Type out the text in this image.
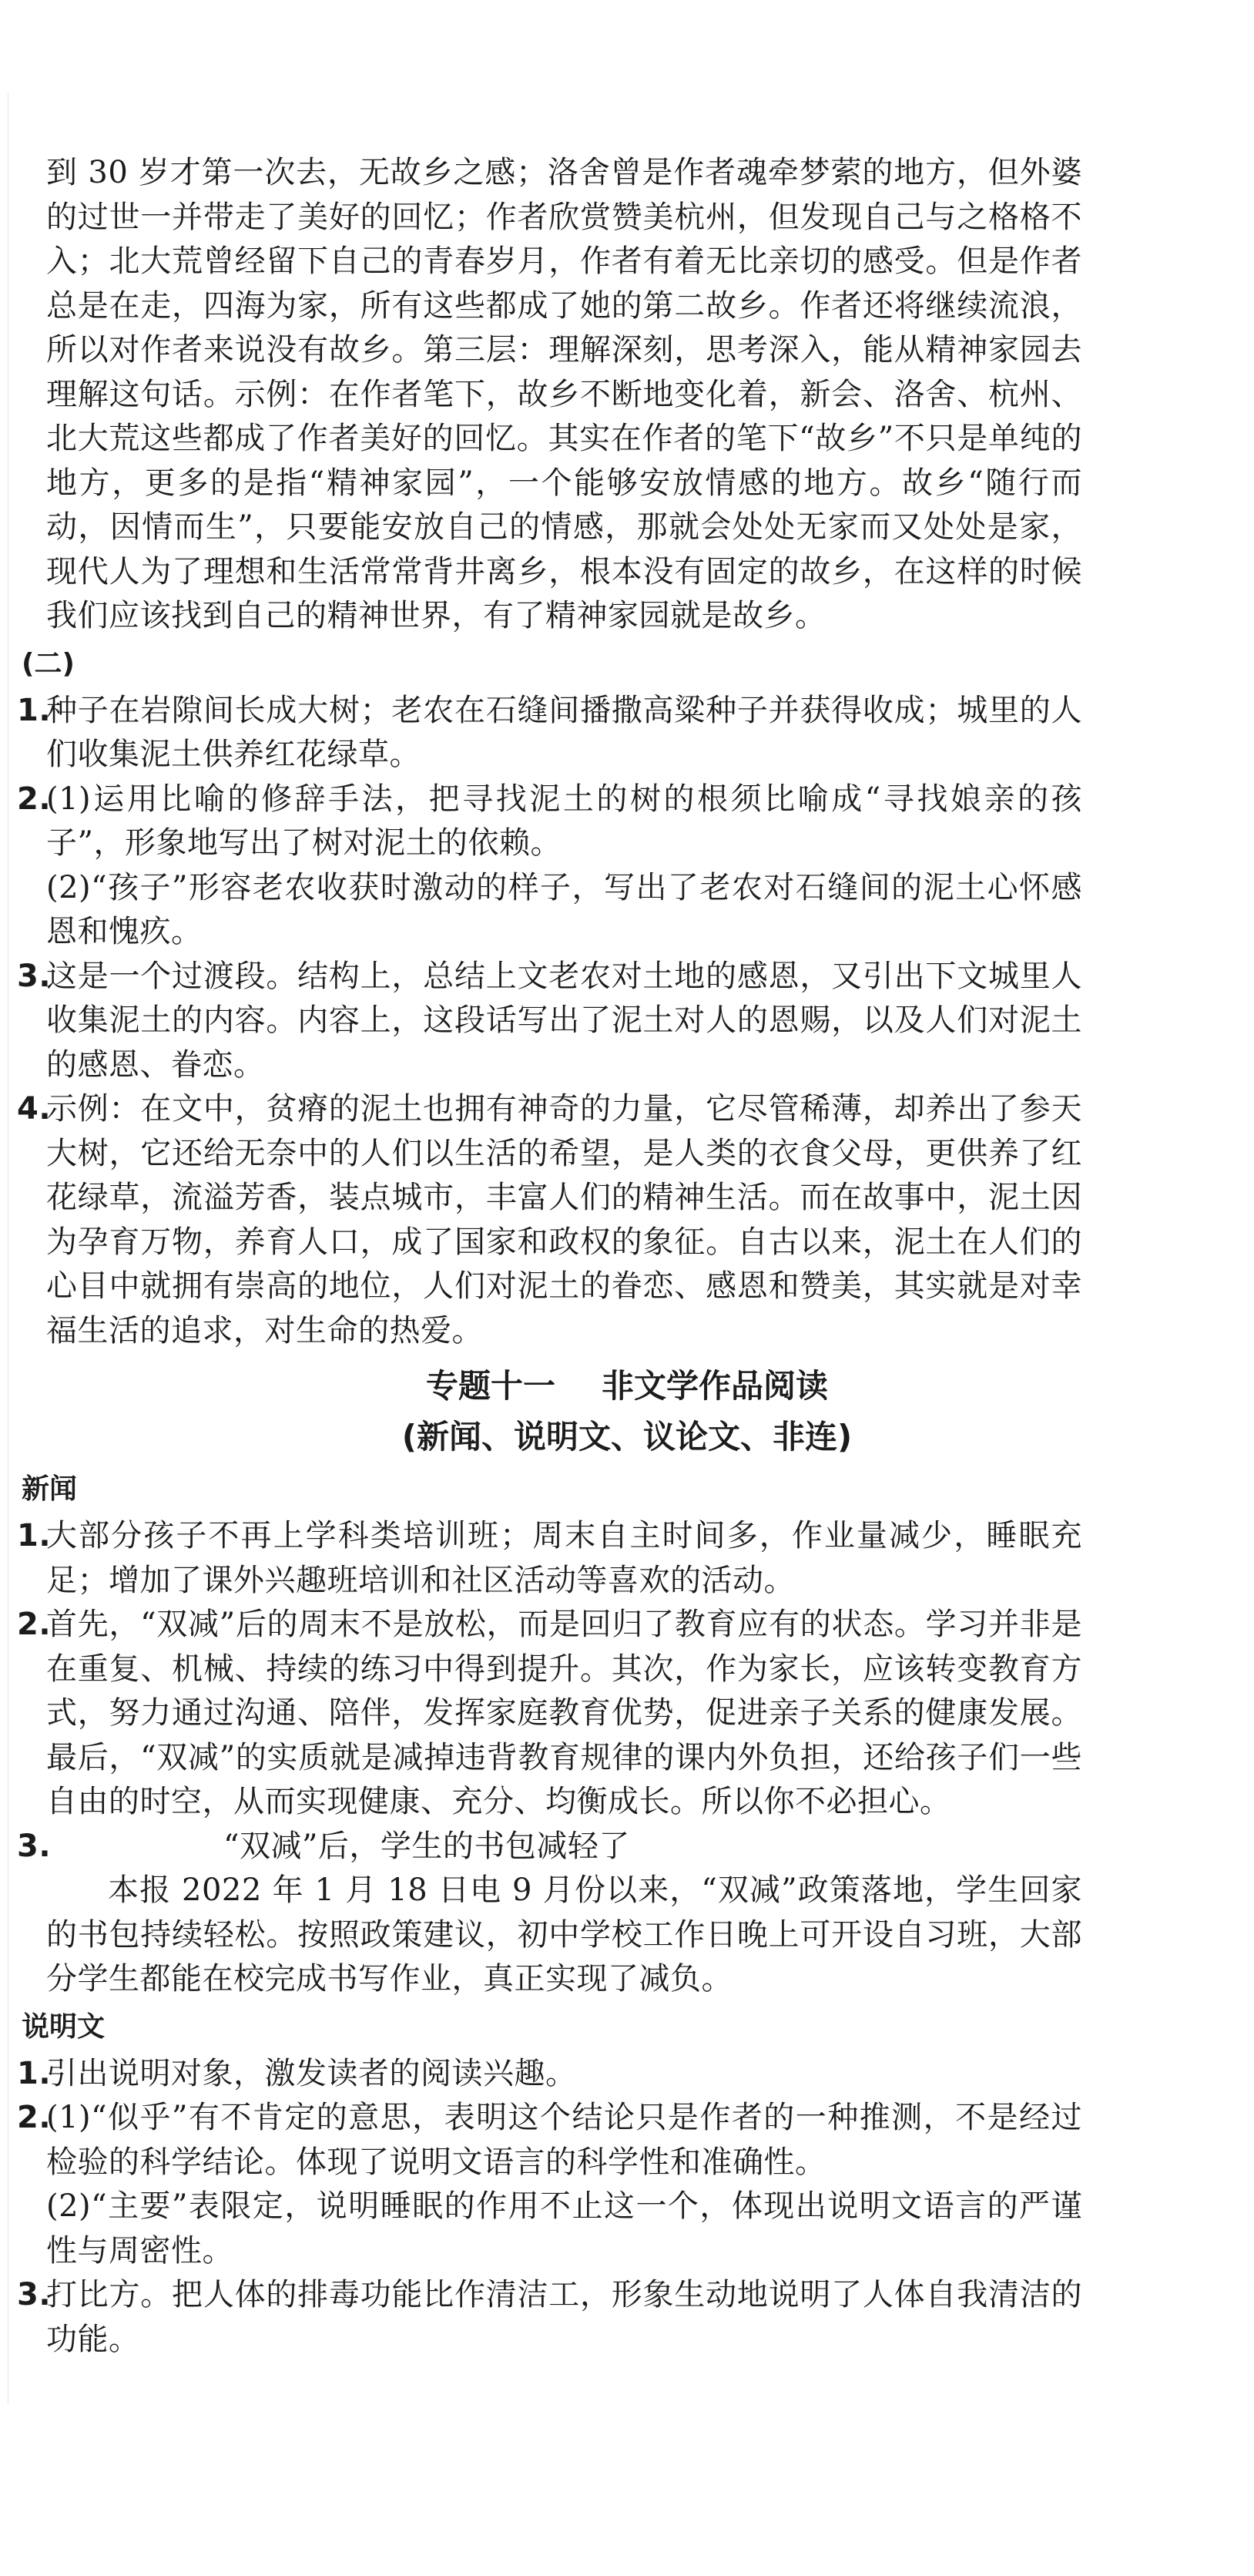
到 30 岁才第一次去，无故乡之感；洛舍曾是作者魂牵梦萦的地方，但外婆的过世一并带走了美好的回忆；作者欣赏赞美杭州，但发现自己与之格格不入；北大荒曾经留下自己的青春岁月，作者有着无比亲切的感受。但是作者总是在走，四海为家，所有这些都成了她的第二故乡。作者还将继续流浪，所以对作者来说没有故乡。第三层：理解深刻，思考深入，能从精神家园去理解这句话。示例：在作者笔下，故乡不断地变化着，新会、洛舍、杭州、北大荒这些都成了作者美好的回忆。其实在作者的笔下“故乡”不只是单纯的地方，更多的是指“精神家园”，一个能够安放情感的地方。故乡“随行而动，因情而生”，只要能安放自己的情感，那就会处处无家而又处处是家，现代人为了理想和生活常常背井离乡，根本没有固定的故乡，在这样的时候我们应该找到自己的精神世界，有了精神家园就是故乡。
(二)
1.

种子在岩隙间长成大树；老农在石缝间播撒高粱种子并获得收成；城里的人们收集泥土供养红花绿草。

2.

(1)运用比喻的修辞手法，把寻找泥土的树的根须比喻成“寻找娘亲的孩子”，形象地写出了树对泥土的依赖。

(2)“孩子”形容老农收获时激动的样子，写出了老农对石缝间的泥土心怀感恩和愧疚。

3.

这是一个过渡段。结构上，总结上文老农对土地的感恩，又引出下文城里人收集泥土的内容。内容上，这段话写出了泥土对人的恩赐，以及人们对泥土的感恩、眷恋。

4.

示例：在文中，贫瘠的泥土也拥有神奇的力量，它尽管稀薄，却养出了参天大树，它还给无奈中的人们以生活的希望，是人类的衣食父母，更供养了红花绿草，流溢芳香，装点城市，丰富人们的精神生活。而在故事中，泥土因为孕育万物，养育人口，成了国家和政权的象征。自古以来，泥土在人们的心目中就拥有崇高的地位，人们对泥土的眷恋、感恩和赞美，其实就是对幸福生活的追求，对生命的热爱。

专题十一 非文学作品阅读
(新闻、说明文、议论文、非连)
新闻
1.

大部分孩子不再上学科类培训班；周末自主时间多，作业量减少，睡眠充足；增加了课外兴趣班培训和社区活动等喜欢的活动。

2.

首先，“双减”后的周末不是放松，而是回归了教育应有的状态。学习并非是在重复、机械、持续的练习中得到提升。其次，作为家长，应该转变教育方式，努力通过沟通、陪伴，发挥家庭教育优势，促进亲子关系的健康发展。最后，“双减”的实质就是减掉违背教育规律的课内外负担，还给孩子们一些自由的时空，从而实现健康、充分、均衡成长。所以你不必担心。

3.	“双减”后，学生的书包减轻了

本报 2022 年 1 月 18 日电 9 月份以来，“双减”政策落地，学生回家的书包持续轻松。按照政策建议，初中学校工作日晚上可开设自习班，大部分学生都能在校完成书写作业，真正实现了减负。

说明文
1.

引出说明对象，激发读者的阅读兴趣。

2.

(1)“似乎”有不肯定的意思，表明这个结论只是作者的一种推测，不是经过检验的科学结论。体现了说明文语言的科学性和准确性。

(2)“主要”表限定，说明睡眠的作用不止这一个，体现出说明文语言的严谨性与周密性。

3.

打比方。把人体的排毒功能比作清洁工，形象生动地说明了人体自我清洁的功能。
